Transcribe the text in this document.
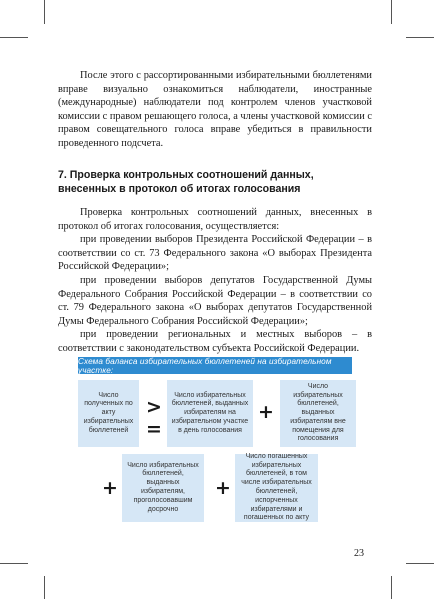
После этого с рассортированными избирательными бюллетенями вправе визуально ознакомиться наблюдатели, иностранные (международные) наблюдатели под контролем членов участковой комиссии с правом решающего голоса, а члены участковой комиссии с правом совещательного голоса вправе убедиться в правильности проведенного подсчета.

7. Проверка контрольных соотношений данных,
внесенных в протокол об итогах голосования

Проверка контрольных соотношений данных, внесенных в протокол об итогах голосования, осуществляется:

при проведении выборов Президента Российской Федерации – в соответствии со ст. 73 Федерального закона «О выборах Президента Российской Федерации»;

при проведении выборов депутатов Государственной Думы Федерального Собрания Российской Федерации – в соответствии со ст. 79 Федерального закона «О выборах депутатов Государственной Думы Федерального Собрания Российской Федерации»;

при проведении региональных и местных выборов – в соответствии с законодательством субъекта Российской Федерации.

Схема баланса избирательных бюллетеней на избирательном участке:
Число полученных по акту избирательных бюллетеней
>
=
Число избирательных бюллетеней, выданных избирателям на избирательном участке в день голосования
+
Число избирательных бюллетеней, выданных избирателям вне помещения для голосования
+
Число избирательных бюллетеней, выданных избирателям, проголосовавшим досрочно
+
Число погашенных избирательных бюллетеней, в том числе избирательных бюллетеней, испорченных избирателями и погашенных по акту
23
